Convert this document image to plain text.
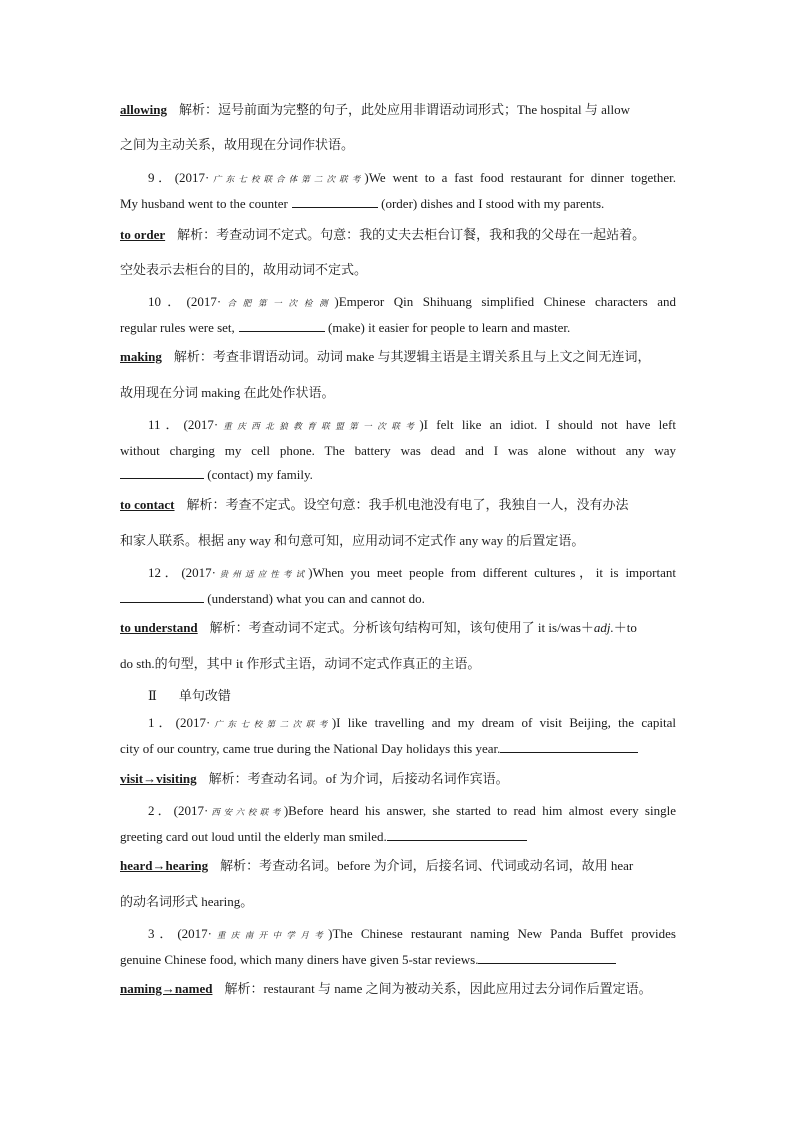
allowing 解析：逗号前面为完整的句子，此处应用非谓语动词形式；The hospital 与 allow
之间为主动关系，故用现在分词作状语。
9．(2017·广东七校联合体第二次联考)We went to a fast food restaurant for dinner together.
My husband went to the counter	(order) dishes and I stood with my parents.
to order 解析：考查动词不定式。句意：我的丈夫去柜台订餐，我和我的父母在一起站着。
空处表示去柜台的目的，故用动词不定式。
10．(2017·合肥第一次检测)Emperor Qin Shihuang simplified Chinese characters and
regular rules were set,	(make) it easier for people to learn and master.
making 解析：考查非谓语动词。动词 make 与其逻辑主语是主谓关系且与上文之间无连词，
故用现在分词 making 在此处作状语。
11．(2017·重庆西北狼教育联盟第一次联考)I felt like an idiot. I should not have left
without charging my cell phone. The battery was dead and I was alone without any way
(contact) my family.
to contact 解析：考查不定式。设空句意：我手机电池没有电了，我独自一人，没有办法
和家人联系。根据 any way 和句意可知，应用动词不定式作 any way 的后置定语。
12．(2017·贵州适应性考试)When you meet people from different cultures，it is important
(understand) what you can and cannot do.
to understand 解析：考查动词不定式。分析该句结构可知，该句使用了 it is/was＋adj.＋to
do sth.的句型，其中 it 作形式主语，动词不定式作真正的主语。
Ⅱ 单句改错
1．(2017·广东七校第二次联考)I like travelling and my dream of visit Beijing, the capital
city of our country, came true during the National Day holidays this year.
visit→visiting 解析：考查动名词。of 为介词，后接动名词作宾语。
2．(2017·西安六校联考)Before heard his answer, she started to read him almost every single
greeting card out loud until the elderly man smiled.
heard→hearing 解析：考查动名词。before 为介词，后接名词、代词或动名词，故用 hear
的动名词形式 hearing。
3．(2017·重庆南开中学月考)The Chinese restaurant naming New Panda Buffet provides
genuine Chinese food, which many diners have given 5-star reviews.
naming→named 解析：restaurant 与 name 之间为被动关系，因此应用过去分词作后置定语。
